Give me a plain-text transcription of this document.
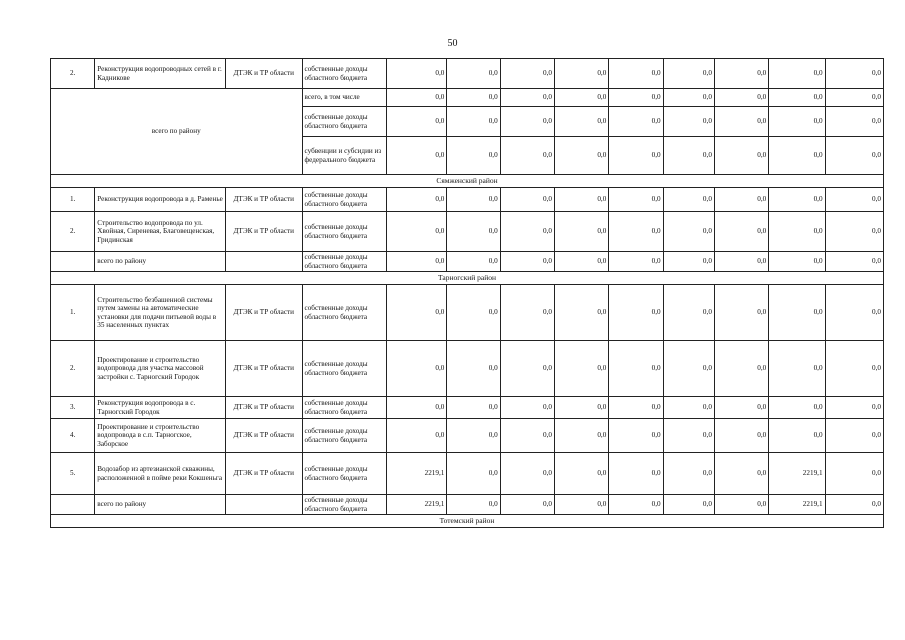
50
2.	Реконструкция водопроводных сетей в г. Кадникове	ДТЭК и ТР области	собственные доходы областного бюджета	0,0	0,0	0,0	0,0	0,0	0,0	0,0	0,0	0,0
всего по району			всего, в том числе	0,0	0,0	0,0	0,0	0,0	0,0	0,0	0,0	0,0
			собственные доходы областного бюджета	0,0	0,0	0,0	0,0	0,0	0,0	0,0	0,0	0,0
			субвенции и субсидии из федерального бюджета	0,0	0,0	0,0	0,0	0,0	0,0	0,0	0,0	0,0
Сямженский район												
1.	Реконструкция водопровода в д. Раменье	ДТЭК и ТР области	собственные доходы областного бюджета	0,0	0,0	0,0	0,0	0,0	0,0	0,0	0,0	0,0
2.	Строительство водопровода по ул. Хвойная, Сиреневая, Благовещенская, Гридинская	ДТЭК и ТР области	собственные доходы областного бюджета	0,0	0,0	0,0	0,0	0,0	0,0	0,0	0,0	0,0
	всего по району		собственные доходы областного бюджета	0,0	0,0	0,0	0,0	0,0	0,0	0,0	0,0	0,0
Тарногский район												
1.	Строительство безбашенной системы путем замены на автоматические установки для подачи питьевой воды в 35 населенных пунктах	ДТЭК и ТР области	собственные доходы областного бюджета	0,0	0,0	0,0	0,0	0,0	0,0	0,0	0,0	0,0
2.	Проектирование и строительство водопровода для участка массовой застройки с. Тарногский Городок	ДТЭК и ТР области	собственные доходы областного бюджета	0,0	0,0	0,0	0,0	0,0	0,0	0,0	0,0	0,0
3.	Реконструкция водопровода в с. Тарногский Городок	ДТЭК и ТР области	собственные доходы областного бюджета	0,0	0,0	0,0	0,0	0,0	0,0	0,0	0,0	0,0
4.	Проектирование и строительство водопровода в с.п. Тарногское, Заборское	ДТЭК и ТР области	собственные доходы областного бюджета	0,0	0,0	0,0	0,0	0,0	0,0	0,0	0,0	0,0
5.	Водозабор из артезианской скважины, расположенной в пойме реки Кокшеньга	ДТЭК и ТР области	собственные доходы областного бюджета	2219,1	0,0	0,0	0,0	0,0	0,0	0,0	2219,1	0,0
	всего по району		собственные доходы областного бюджета	2219,1	0,0	0,0	0,0	0,0	0,0	0,0	2219,1	0,0
Тотемский район												
